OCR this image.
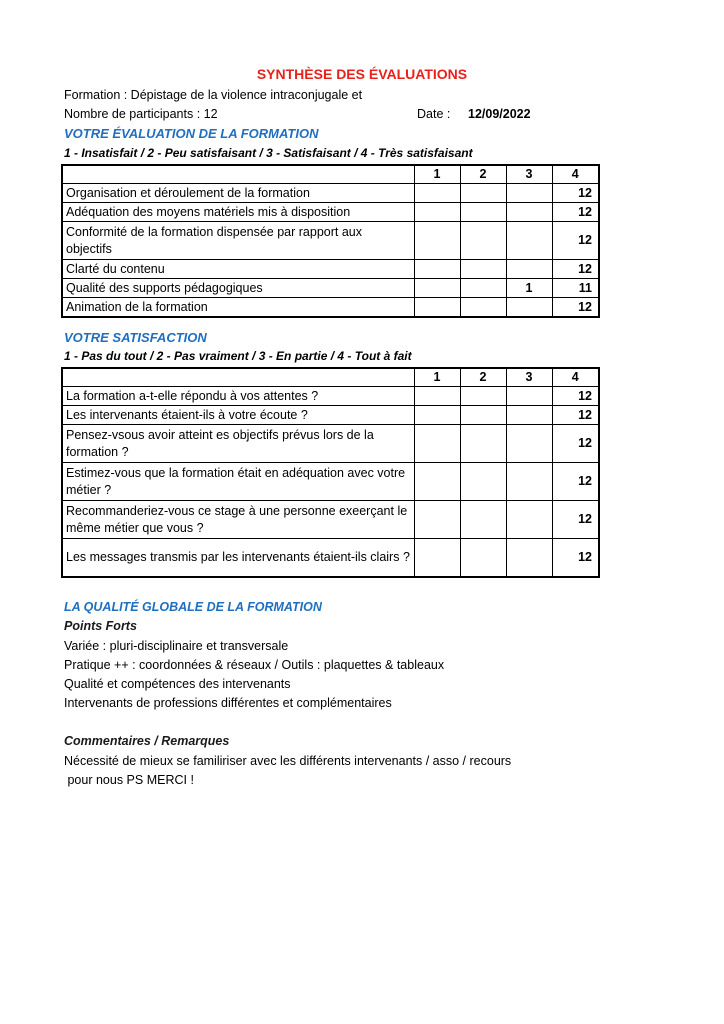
SYNTHÈSE DES ÉVALUATIONS
Formation : Dépistage de la violence intraconjugale et
Nombre de participants : 12	Date : 12/09/2022
VOTRE ÉVALUATION DE LA FORMATION
1 - Insatisfait / 2 - Peu satisfaisant / 3 - Satisfaisant / 4 - Très satisfaisant
	1	2	3	4
Organisation et déroulement de la formation				12
Adéquation des moyens matériels mis à disposition				12
Conformité de la formation dispensée par rapport aux objectifs				12
Clarté du contenu				12
Qualité des supports pédagogiques			1	11
Animation de la formation				12
VOTRE SATISFACTION
1 - Pas du tout / 2 - Pas vraiment / 3 - En partie / 4 - Tout à fait
	1	2	3	4
La formation a-t-elle répondu à vos attentes ?				12
Les intervenants étaient-ils à votre écoute ?				12
Pensez-vsous avoir atteint es objectifs prévus lors de la formation ?				12
Estimez-vous que la formation était en adéquation avec votre métier ?				12
Recommanderiez-vous ce stage à une personne exeerçant le même métier que vous ?				12
Les messages transmis par les intervenants étaient-ils clairs ?				12
LA QUALITÉ GLOBALE DE LA FORMATION
Points Forts
Variée : pluri-disciplinaire et transversale
Pratique ++ : coordonnées & réseaux / Outils : plaquettes & tableaux
Qualité et compétences des intervenants
Intervenants de professions différentes et complémentaires
Commentaires / Remarques
Nécessité de mieux se familiriser avec les différents intervenants / asso / recours
pour nous PS MERCI !
